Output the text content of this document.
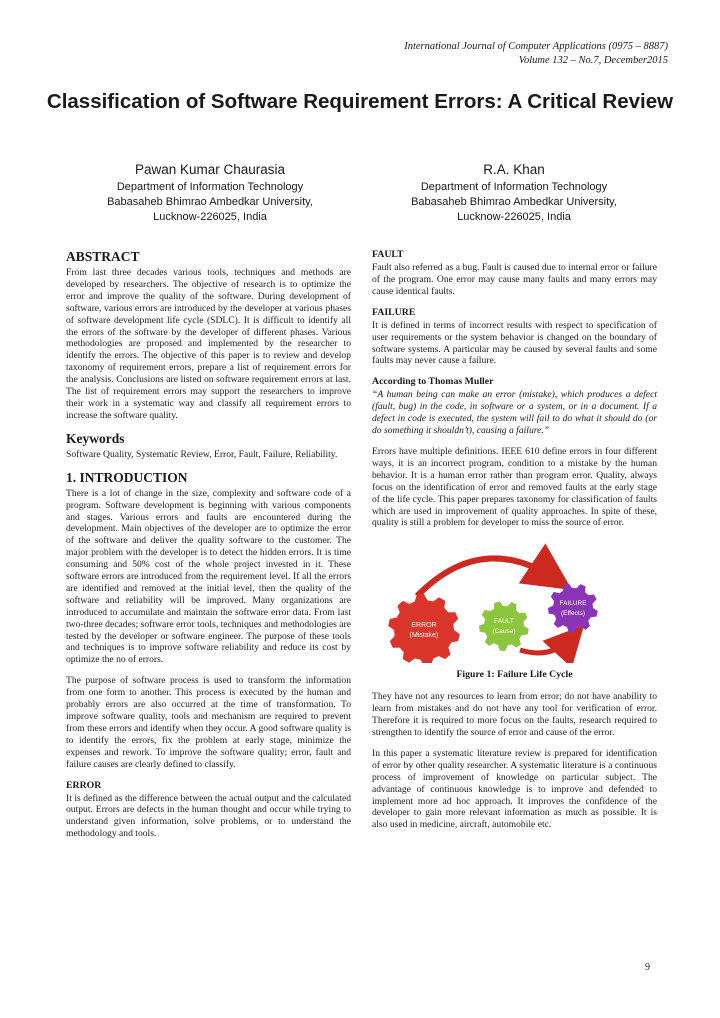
International Journal of Computer Applications (0975 – 8887)
Volume 132 – No.7, December2015
Classification of Software Requirement Errors: A Critical Review
Pawan Kumar Chaurasia
Department of Information Technology
Babasaheb Bhimrao Ambedkar University,
Lucknow-226025, India
R.A. Khan
Department of Information Technology
Babasaheb Bhimrao Ambedkar University,
Lucknow-226025, India
ABSTRACT

From last three decades various tools, techniques and methods are developed by researchers. The objective of research is to optimize the error and improve the quality of the software. During development of software, various errors are introduced by the developer at various phases of software development life cycle (SDLC). It is difficult to identify all the errors of the software by the developer of different phases. Various methodologies are proposed and implemented by the researcher to identify the errors. The objective of this paper is to review and develop taxonomy of requirement errors, prepare a list of requirement errors for the analysis. Conclusions are listed on software requirement errors at last. The list of requirement errors may support the researchers to improve their work in a systematic way and classify all requirement errors to increase the software quality.

Keywords

Software Quality, Systematic Review, Error, Fault, Failure, Reliability.

1. INTRODUCTION

There is a lot of change in the size, complexity and software code of a program. Software development is beginning with various components and stages. Various errors and faults are encountered during the development. Main objectives of the developer are to optimize the error of the software and deliver the quality software to the customer. The major problem with the developer is to detect the hidden errors. It is time consuming and 50% cost of the whole project invested in it. These software errors are introduced from the requirement level. If all the errors are identified and removed at the initial level, then the quality of the software and reliability will be improved. Many organizations are introduced to accumulate and maintain the software error data. From last two-three decades; software error tools, techniques and methodologies are tested by the developer or software engineer. The purpose of these tools and techniques is to improve software reliability and reduce its cost by optimize the no of errors.

The purpose of software process is used to transform the information from one form to another. This process is executed by the human and probably errors are also occurred at the time of transformation. To improve software quality, tools and mechanism are required to prevent from these errors and identify when they occur. A good software quality is to identify the errors, fix the problem at early stage, minimize the expenses and rework. To improve the software quality; error, fault and failure causes are clearly defined to classify.

ERROR

It is defined as the difference between the actual output and the calculated output. Errors are defects in the human thought and occur while trying to understand given information, solve problems, or to understand the methodology and tools.

FAULT

Fault also referred as a bug. Fault is caused due to internal error or failure of the program. One error may cause many faults and many errors may cause identical faults.

FAILURE

It is defined in terms of incorrect results with respect to specification of user requirements or the system behavior is changed on the boundary of software systems. A particular may be caused by several faults and some faults may never cause a failure.

According to Thomas Muller

“A human being can make an error (mistake), which produces a defect (fault, bug) in the code, in software or a system, or in a document. If a defect in code is executed, the system will fail to do what it should do (or do something it shouldn’t), causing a failure.”

Errors have multiple definitions. IEEE 610 define errors in four different ways, it is an incorrect program, condition to a mistake by the human behavior. It is a human error rather than program error. Quality, always focus on the identification of error and removed faults at the early stage of the life cycle. This paper prepares taxonomy for classification of faults which are used in improvement of quality approaches. In spite of these, quality is still a problem for developer to miss the source of error.

ERROR
(Mistake)
FAULT
(Cause)
FAILURE
(Effects)
Figure 1: Failure Life Cycle

They have not any resources to learn from error; do not have anability to learn from mistakes and do not have any tool for verification of error. Therefore it is required to more focus on the faults, research required to strengthen to identify the source of error and cause of the error.

In this paper a systematic literature review is prepared for identification of error by other quality researcher. A systematic literature is a continuous process of improvement of knowledge on particular subject. The advantage of continuous knowledge is to improve and defended to implement more ad hoc approach. It improves the confidence of the developer to gain more relevant information as much as possible. It is also used in medicine, aircraft, automobile etc.

9
